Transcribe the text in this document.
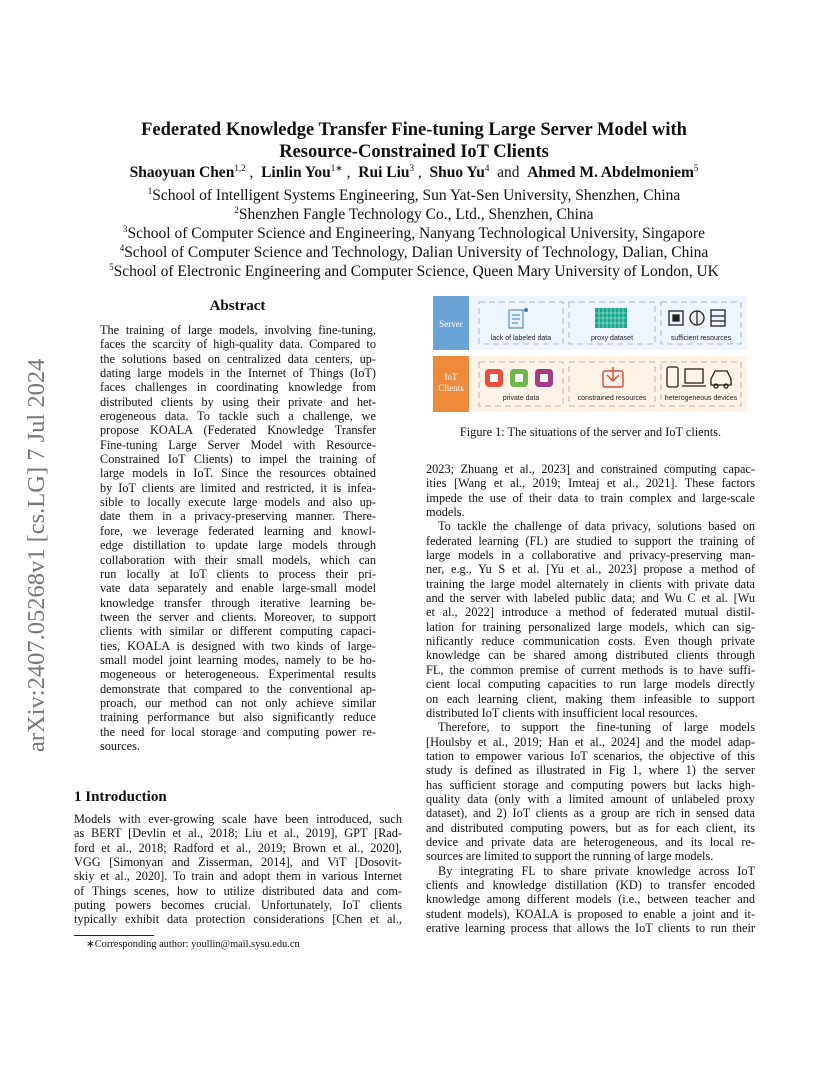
Federated Knowledge Transfer Fine-tuning Large Server Model with
Resource-Constrained IoT Clients
Shaoyuan Chen$^{1,2}$ , Linlin You$^{1∗}$ , Rui Liu$^3$ , Shuo Yu$^4$ and Ahmed M. Abdelmoniem$^5$
$^1$School of Intelligent Systems Engineering, Sun Yat-Sen University, Shenzhen, China
$^2$Shenzhen Fangle Technology Co., Ltd., Shenzhen, China
$^3$School of Computer Science and Engineering, Nanyang Technological University, Singapore
$^4$School of Computer Science and Technology, Dalian University of Technology, Dalian, China
$^5$School of Electronic Engineering and Computer Science, Queen Mary University of London, UK
arXiv:2407.05268v1 [cs.LG] 7 Jul 2024
Abstract
The training of large models, involving fine-tuning,
faces the scarcity of high-quality data. Compared to
the solutions based on centralized data centers, up-
dating large models in the Internet of Things (IoT)
faces challenges in coordinating knowledge from
distributed clients by using their private and het-
erogeneous data. To tackle such a challenge, we
propose KOALA (Federated Knowledge Transfer
Fine-tuning Large Server Model with Resource-
Constrained IoT Clients) to impel the training of
large models in IoT. Since the resources obtained
by IoT clients are limited and restricted, it is infea-
sible to locally execute large models and also up-
date them in a privacy-preserving manner. There-
fore, we leverage federated learning and knowl-
edge distillation to update large models through
collaboration with their small models, which can
run locally at IoT clients to process their pri-
vate data separately and enable large-small model
knowledge transfer through iterative learning be-
tween the server and clients. Moreover, to support
clients with similar or different computing capaci-
ties, KOALA is designed with two kinds of large-
small model joint learning modes, namely to be ho-
mogeneous or heterogeneous. Experimental results
demonstrate that compared to the conventional ap-
proach, our method can not only achieve similar
training performance but also significantly reduce
the need for local storage and computing power re-
sources.
1 Introduction
Models with ever-growing scale have been introduced, such
as BERT [Devlin et al., 2018; Liu et al., 2019], GPT [Rad-
ford et al., 2018; Radford et al., 2019; Brown et al., 2020],
VGG [Simonyan and Zisserman, 2014], and ViT [Dosovit-
skiy et al., 2020]. To train and adopt them in various Internet
of Things scenes, how to utilize distributed data and com-
puting powers becomes crucial. Unfortunately, IoT clients
typically exhibit data protection considerations [Chen et al.,
∗Corresponding author: youllin@mail.sysu.edu.cn
Server
IoT
Clients
lack of labeled data	proxy dataset	sufficient resources
private data	constrained resources	heterogeneous devices
Figure 1: The situations of the server and IoT clients.
2023; Zhuang et al., 2023] and constrained computing capac-
ities [Wang et al., 2019; Imteaj et al., 2021]. These factors
impede the use of their data to train complex and large-scale
models.
To tackle the challenge of data privacy, solutions based on
federated learning (FL) are studied to support the training of
large models in a collaborative and privacy-preserving man-
ner, e.g., Yu S et al. [Yu et al., 2023] propose a method of
training the large model alternately in clients with private data
and the server with labeled public data; and Wu C et al. [Wu
et al., 2022] introduce a method of federated mutual distil-
lation for training personalized large models, which can sig-
nificantly reduce communication costs. Even though private
knowledge can be shared among distributed clients through
FL, the common premise of current methods is to have suffi-
cient local computing capacities to run large models directly
on each learning client, making them infeasible to support
distributed IoT clients with insufficient local resources.
Therefore, to support the fine-tuning of large models
[Houlsby et al., 2019; Han et al., 2024] and the model adap-
tation to empower various IoT scenarios, the objective of this
study is defined as illustrated in Fig 1, where 1) the server
has sufficient storage and computing powers but lacks high-
quality data (only with a limited amount of unlabeled proxy
dataset), and 2) IoT clients as a group are rich in sensed data
and distributed computing powers, but as for each client, its
device and private data are heterogeneous, and its local re-
sources are limited to support the running of large models.
By integrating FL to share private knowledge across IoT
clients and knowledge distillation (KD) to transfer encoded
knowledge among different models (i.e., between teacher and
student models), KOALA is proposed to enable a joint and it-
erative learning process that allows the IoT clients to run their
